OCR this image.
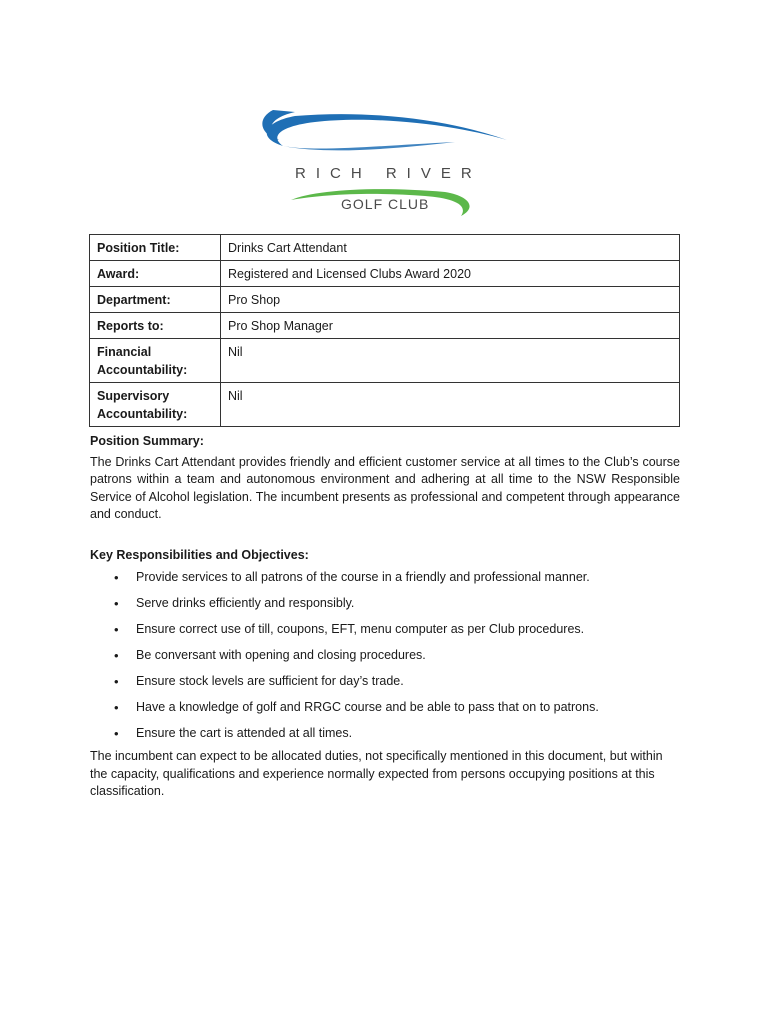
RICH RIVER
GOLF CLUB
Position Title:	Drinks Cart Attendant
Award:	Registered and Licensed Clubs Award 2020
Department:	Pro Shop
Reports to:	Pro Shop Manager
Financial Accountability:	Nil
Supervisory Accountability:	Nil
Position Summary:
The Drinks Cart Attendant provides friendly and efficient customer service at all times to the Club’s course patrons within a team and autonomous environment and adhering at all time to the NSW Responsible Service of Alcohol legislation. The incumbent presents as professional and competent through appearance and conduct.
Key Responsibilities and Objectives:
• Provide services to all patrons of the course in a friendly and professional manner.
• Serve drinks efficiently and responsibly.
• Ensure correct use of till, coupons, EFT, menu computer as per Club procedures.
• Be conversant with opening and closing procedures.
• Ensure stock levels are sufficient for day’s trade.
• Have a knowledge of golf and RRGC course and be able to pass that on to patrons.
• Ensure the cart is attended at all times.
The incumbent can expect to be allocated duties, not specifically mentioned in this document, but within the capacity, qualifications and experience normally expected from persons occupying positions at this classification.
